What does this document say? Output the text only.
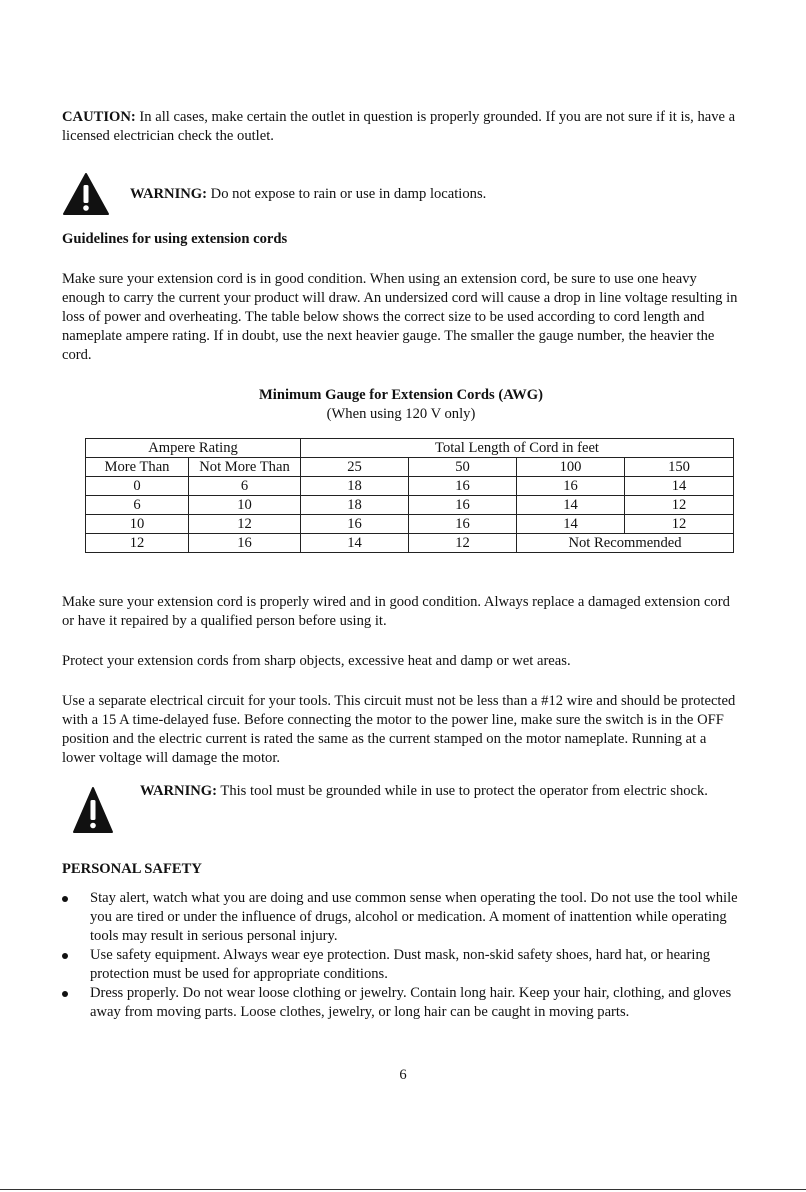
CAUTION: In all cases, make certain the outlet in question is properly grounded. If you are not sure if it is, have a licensed electrician check the outlet.

WARNING: Do not expose to rain or use in damp locations.

Guidelines for using extension cords

Make sure your extension cord is in good condition. When using an extension cord, be sure to use one heavy enough to carry the current your product will draw. An undersized cord will cause a drop in line voltage resulting in loss of power and overheating. The table below shows the correct size to be used according to cord length and nameplate ampere rating. If in doubt, use the next heavier gauge. The smaller the gauge number, the heavier the cord.

Minimum Gauge for Extension Cords (AWG)

(When using 120 V only)

Ampere Rating		Total Length of Cord in feet			
More Than	Not More Than	25	50	100	150
0	6	18	16	16	14
6	10	18	16	14	12
10	12	16	16	14	12
12	16	14	12	Not Recommended	

Make sure your extension cord is properly wired and in good condition. Always replace a damaged extension cord or have it repaired by a qualified person before using it.

Protect your extension cords from sharp objects, excessive heat and damp or wet areas.

Use a separate electrical circuit for your tools. This circuit must not be less than a #12 wire and should be protected with a 15 A time-delayed fuse. Before connecting the motor to the power line, make sure the switch is in the OFF position and the electric current is rated the same as the current stamped on the motor nameplate. Running at a lower voltage will damage the motor.

WARNING: This tool must be grounded while in use to protect the operator from electric shock.

PERSONAL SAFETY

Stay alert, watch what you are doing and use common sense when operating the tool. Do not use the tool while you are tired or under the influence of drugs, alcohol or medication. A moment of inattention while operating tools may result in serious personal injury.
Use safety equipment. Always wear eye protection. Dust mask, non-skid safety shoes, hard hat, or hearing protection must be used for appropriate conditions.
Dress properly. Do not wear loose clothing or jewelry. Contain long hair. Keep your hair, clothing, and gloves away from moving parts. Loose clothes, jewelry, or long hair can be caught in moving parts.
6
